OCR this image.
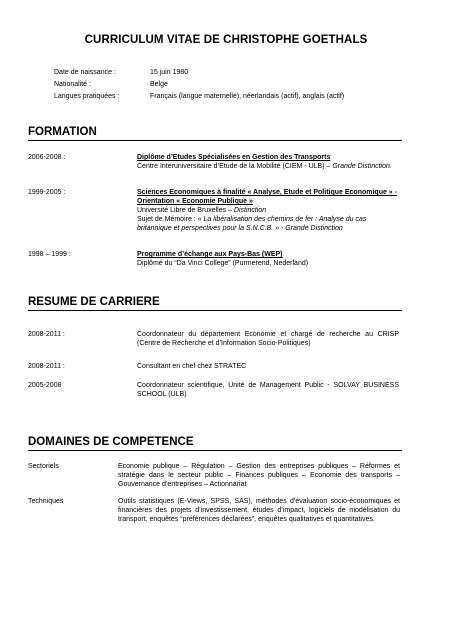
CURRICULUM VITAE DE CHRISTOPHE GOETHALS
Date de naissance :	15 juin 1980
Nationalité :	Belge
Langues pratiquées :	Français (langue maternelle), néerlandais (actif), anglais (actif)
FORMATION
2006-2008 :	Diplôme d’Etudes Spécialisées en Gestion des Transports
Centre Interuniversitaire d’Etude de la Mobilité (CIEM - ULB) – Grande Distinction.
1999-2005 :	Sciences Economiques à finalité « Analyse, Etude et Politique Economique » - Orientation « Economie Publique »
Université Libre de Bruxelles – Distinction
Sujet de Mémoire : « La libéralisation des chemins de fer : Analyse du cas britannique et perspectives pour la S.N.C.B. » - Grande Distinction
1998 – 1999 :	Programme d’échange aux Pays-Bas (WEP)
Diplômé du “Da Vinci College” (Purmerend, Nederland)
RESUME DE CARRIERE
2008-2011 :	Coordonnateur du département Economie et chargé de recherche au CRISP (Centre de Recherche et d’Information Socio-Politiques)
2008-2011 :	Consultant en chef chez STRATEC
2005-2008	Coordonnateur scientifique, Unité de Management Public - SOLVAY BUSINESS SCHOOL (ULB)
DOMAINES DE COMPETENCE
Sectoriels	Economie publique – Régulation – Gestion des entreprises publiques – Réformes et stratégie dans le secteur public – Finances publiques – Economie des transports – Gouvernance d’entreprises – Actionnariat
Techniques	Outils statistiques (E-Views, SPSS, SAS), méthodes d’évaluation socio-économiques et financières des projets d’investissement, études d’impact, logiciels de modélisation du transport, enquêtes “préférences déclarées”, enquêtes qualitatives et quantitatives.
